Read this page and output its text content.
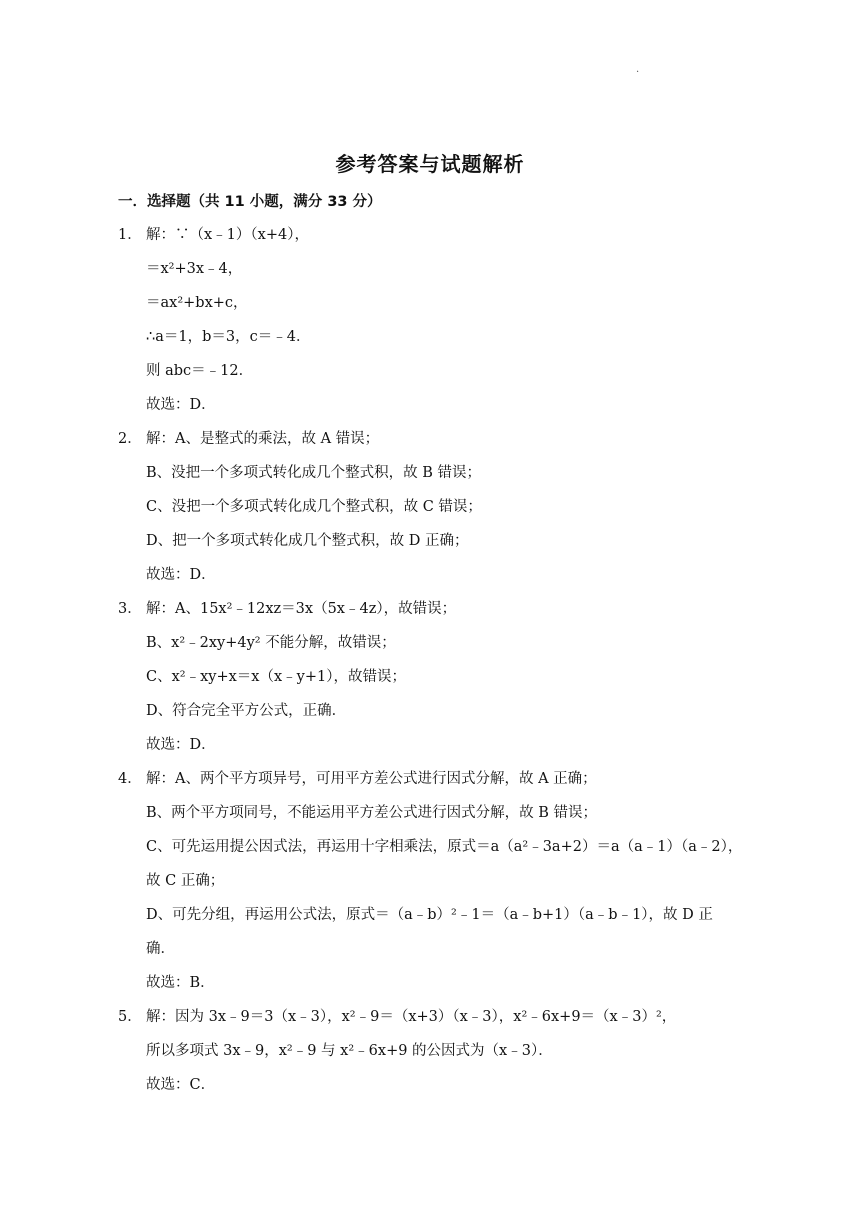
.
参考答案与试题解析
一．选择题（共 11 小题，满分 33 分）
1． 解：∵（x﹣1）（x+4），
＝x²+3x﹣4，
＝ax²+bx+c，
∴a＝1，b＝3，c＝﹣4．
则 abc＝﹣12．
故选：D．
2． 解：A、是整式的乘法，故 A 错误；
B、没把一个多项式转化成几个整式积，故 B 错误；
C、没把一个多项式转化成几个整式积，故 C 错误；
D、把一个多项式转化成几个整式积，故 D 正确；
故选：D．
3． 解：A、15x²﹣12xz＝3x（5x﹣4z），故错误；
B、x²﹣2xy+4y² 不能分解，故错误；
C、x²﹣xy+x＝x（x﹣y+1），故错误；
D、符合完全平方公式，正确．
故选：D．
4． 解：A、两个平方项异号，可用平方差公式进行因式分解，故 A 正确；
B、两个平方项同号，不能运用平方差公式进行因式分解，故 B 错误；
C、可先运用提公因式法，再运用十字相乘法，原式＝a（a²﹣3a+2）＝a（a﹣1）（a﹣2），
故 C 正确；
D、可先分组，再运用公式法，原式＝（a﹣b）²﹣1＝（a﹣b+1）（a﹣b﹣1），故 D 正
确．
故选：B．
5． 解：因为 3x﹣9＝3（x﹣3），x²﹣9＝（x+3）（x﹣3），x²﹣6x+9＝（x﹣3）²，
所以多项式 3x﹣9，x²﹣9 与 x²﹣6x+9 的公因式为（x﹣3）．
故选：C．
